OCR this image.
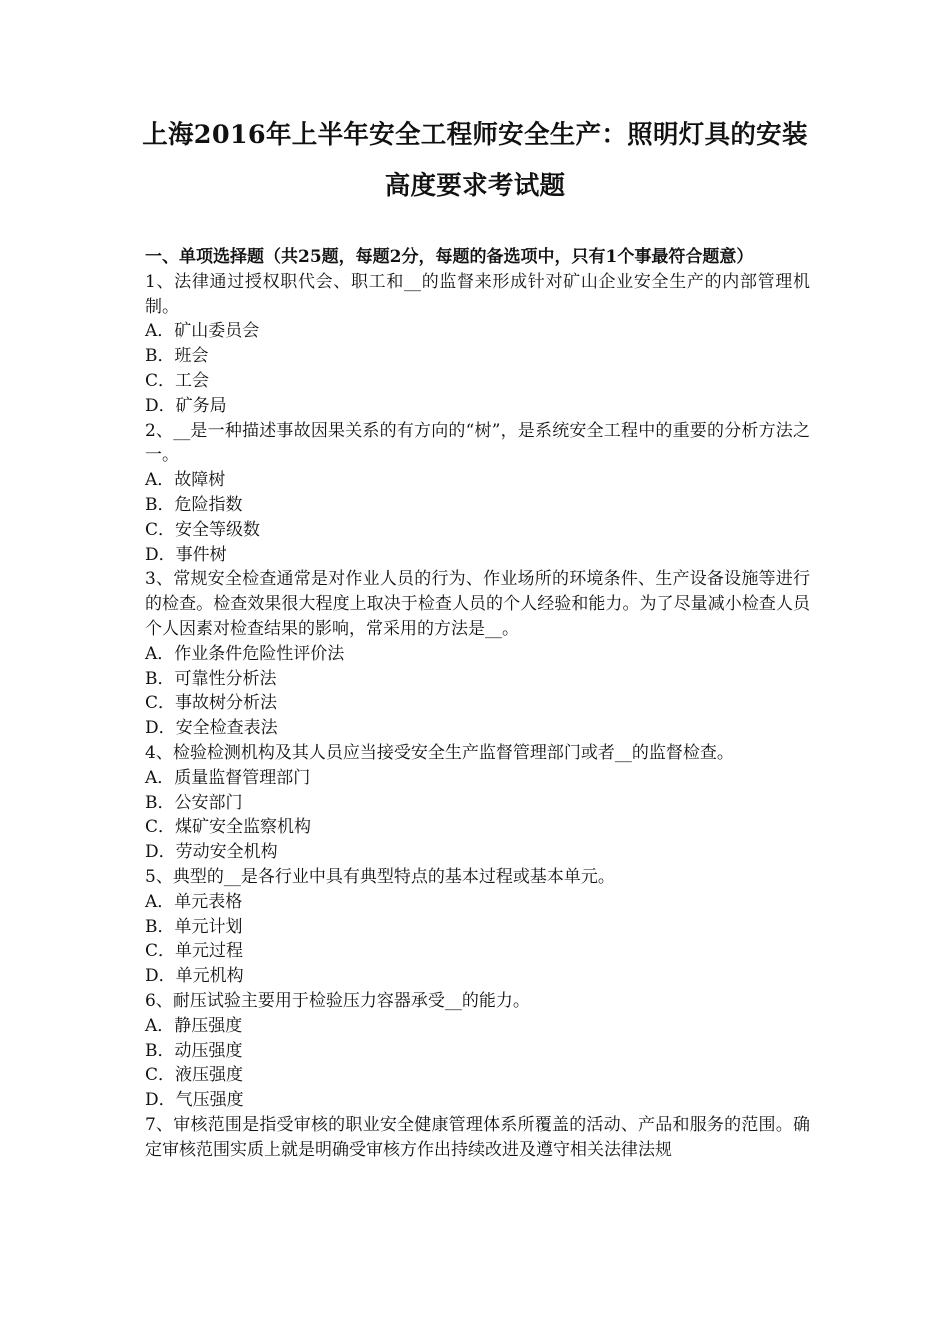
上海2016年上半年安全工程师安全生产：照明灯具的安装
高度要求考试题
一、单项选择题（共25题，每题2分，每题的备选项中，只有1个事最符合题意）
1、法律通过授权职代会、职工和__的监督来形成针对矿山企业安全生产的内部管理机制。
A．矿山委员会
B．班会
C．工会
D．矿务局
2、__是一种描述事故因果关系的有方向的“树”，是系统安全工程中的重要的分析方法之一。
A．故障树
B．危险指数
C．安全等级数
D．事件树
3、常规安全检查通常是对作业人员的行为、作业场所的环境条件、生产设备设施等进行的检查。检查效果很大程度上取决于检查人员的个人经验和能力。为了尽量减小检查人员个人因素对检查结果的影响，常采用的方法是__。
A．作业条件危险性评价法
B．可靠性分析法
C．事故树分析法
D．安全检查表法
4、检验检测机构及其人员应当接受安全生产监督管理部门或者__的监督检查。
A．质量监督管理部门
B．公安部门
C．煤矿安全监察机构
D．劳动安全机构
5、典型的__是各行业中具有典型特点的基本过程或基本单元。
A．单元表格
B．单元计划
C．单元过程
D．单元机构
6、耐压试验主要用于检验压力容器承受__的能力。
A．静压强度
B．动压强度
C．液压强度
D．气压强度
7、审核范围是指受审核的职业安全健康管理体系所覆盖的活动、产品和服务的范围。确定审核范围实质上就是明确受审核方作出持续改进及遵守相关法律法规
